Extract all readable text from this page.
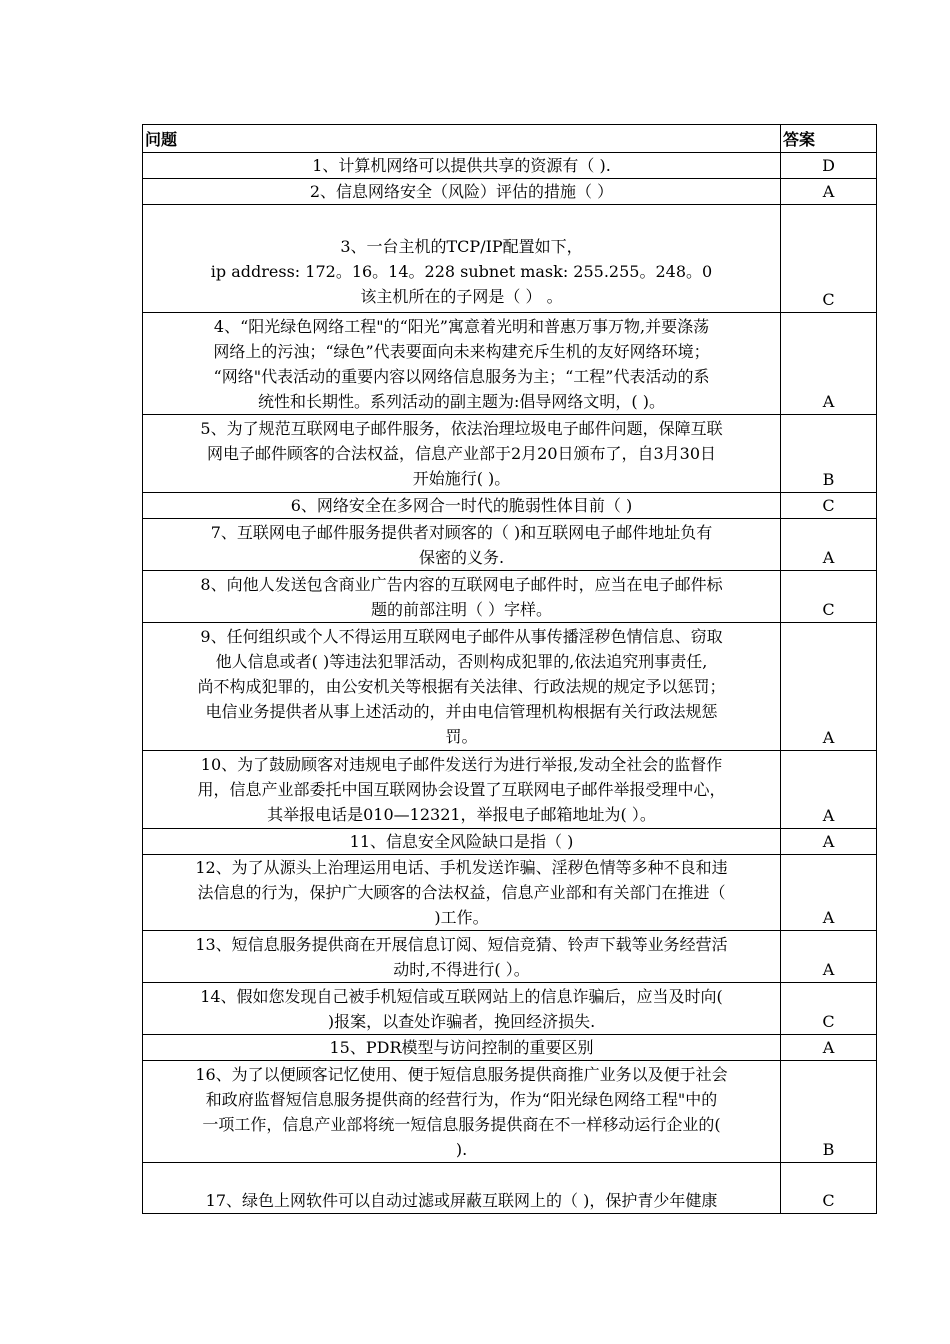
问题	答案

1、计算机网络可以提供共享的资源有（ ).	D

2、信息网络安全（风险）评估的措施（ ）	A

3、一台主机的TCP/IP配置如下，
ip address: 172。16。14。228 subnet mask: 255.255。248。0
该主机所在的子网是（ ） 。	C

4、“阳光绿色网络工程"的“阳光”寓意着光明和普惠万事万物,并要涤荡
网络上的污浊；“绿色”代表要面向未来构建充斥生机的友好网络环境；
“网络"代表活动的重要内容以网络信息服务为主；“工程”代表活动的系
统性和长期性。系列活动的副主题为:倡导网络文明，( )。	A

5、为了规范互联网电子邮件服务，依法治理垃圾电子邮件问题，保障互联
网电子邮件顾客的合法权益，信息产业部于2月20日颁布了，自3月30日
开始施行( )。	B

6、网络安全在多网合一时代的脆弱性体目前（ )	C

7、互联网电子邮件服务提供者对顾客的（ )和互联网电子邮件地址负有
保密的义务.	A

8、向他人发送包含商业广告内容的互联网电子邮件时，应当在电子邮件标
题的前部注明（ ）字样。	C

9、任何组织或个人不得运用互联网电子邮件从事传播淫秽色情信息、窃取
他人信息或者( )等违法犯罪活动，否则构成犯罪的,依法追究刑事责任,
尚不构成犯罪的，由公安机关等根据有关法律、行政法规的规定予以惩罚；
电信业务提供者从事上述活动的，并由电信管理机构根据有关行政法规惩
罚。	A

10、为了鼓励顾客对违规电子邮件发送行为进行举报,发动全社会的监督作
用，信息产业部委托中国互联网协会设置了互联网电子邮件举报受理中心，
其举报电话是010—12321，举报电子邮箱地址为( ）。	A

11、信息安全风险缺口是指（ )	A

12、为了从源头上治理运用电话、手机发送诈骗、淫秽色情等多种不良和违
法信息的行为，保护广大顾客的合法权益，信息产业部和有关部门在推进（
)工作。	A

13、短信息服务提供商在开展信息订阅、短信竞猜、铃声下载等业务经营活
动时,不得进行( ）。	A

14、假如您发现自己被手机短信或互联网站上的信息诈骗后，应当及时向(
)报案，以查处诈骗者，挽回经济损失.	C

15、PDR模型与访问控制的重要区别	A

16、为了以便顾客记忆使用、便于短信息服务提供商推广业务以及便于社会
和政府监督短信息服务提供商的经营行为，作为“阳光绿色网络工程"中的
一项工作，信息产业部将统一短信息服务提供商在不一样移动运行企业的(
).	B

17、绿色上网软件可以自动过滤或屏蔽互联网上的（ )，保护青少年健康	C
